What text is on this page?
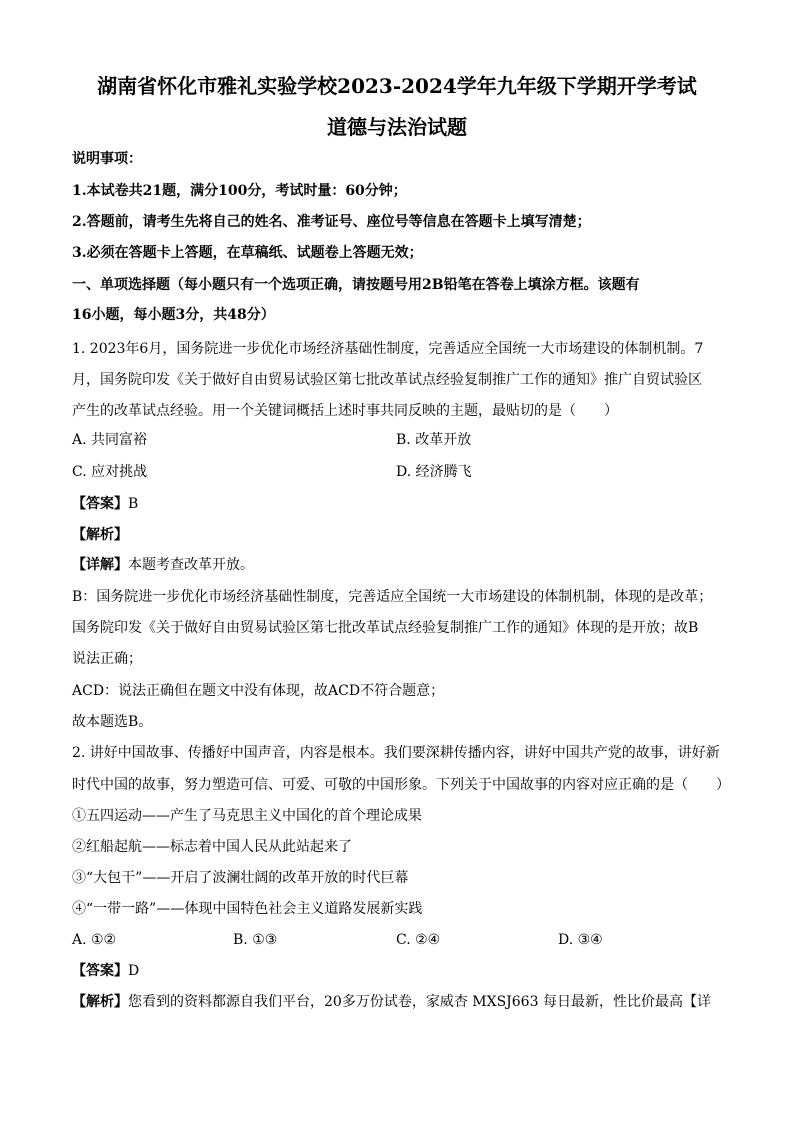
湖南省怀化市雅礼实验学校2023-2024学年九年级下学期开学考试
道德与法治试题
说明事项：
1.本试卷共21题，满分100分，考试时量：60分钟；
2.答题前，请考生先将自己的姓名、准考证号、座位号等信息在答题卡上填写清楚；
3.必须在答题卡上答题，在草稿纸、试题卷上答题无效；
一、单项选择题（每小题只有一个选项正确，请按题号用2B铅笔在答卷上填涂方框。该题有
16小题，每小题3分，共48分）
1. 2023年6月，国务院进一步优化市场经济基础性制度，完善适应全国统一大市场建设的体制机制。7
月，国务院印发《关于做好自由贸易试验区第七批改革试点经验复制推广工作的通知》推广自贸试验区
产生的改革试点经验。用一个关键词概括上述时事共同反映的主题，最贴切的是（　　）
A. 共同富裕	B. 改革开放
C. 应对挑战	D. 经济腾飞
【答案】B
【解析】
【详解】本题考查改革开放。
B：国务院进一步优化市场经济基础性制度，完善适应全国统一大市场建设的体制机制，体现的是改革；
国务院印发《关于做好自由贸易试验区第七批改革试点经验复制推广工作的通知》体现的是开放；故B
说法正确；
ACD：说法正确但在题文中没有体现，故ACD不符合题意；
故本题选B。
2. 讲好中国故事、传播好中国声音，内容是根本。我们要深耕传播内容，讲好中国共产党的故事，讲好新
时代中国的故事，努力塑造可信、可爱、可敬的中国形象。下列关于中国故事的内容对应正确的是（　　）
①五四运动——产生了马克思主义中国化的首个理论成果
②红船起航——标志着中国人民从此站起来了
③“大包干”——开启了波澜壮阔的改革开放的时代巨幕
④“一带一路”——体现中国特色社会主义道路发展新实践
A. ①②	B. ①③	C. ②④	D. ③④
【答案】D
【解析】您看到的资料都源自我们平台，20多万份试卷，家威杏 MXSJ663 每日最新，性比价最高【详
